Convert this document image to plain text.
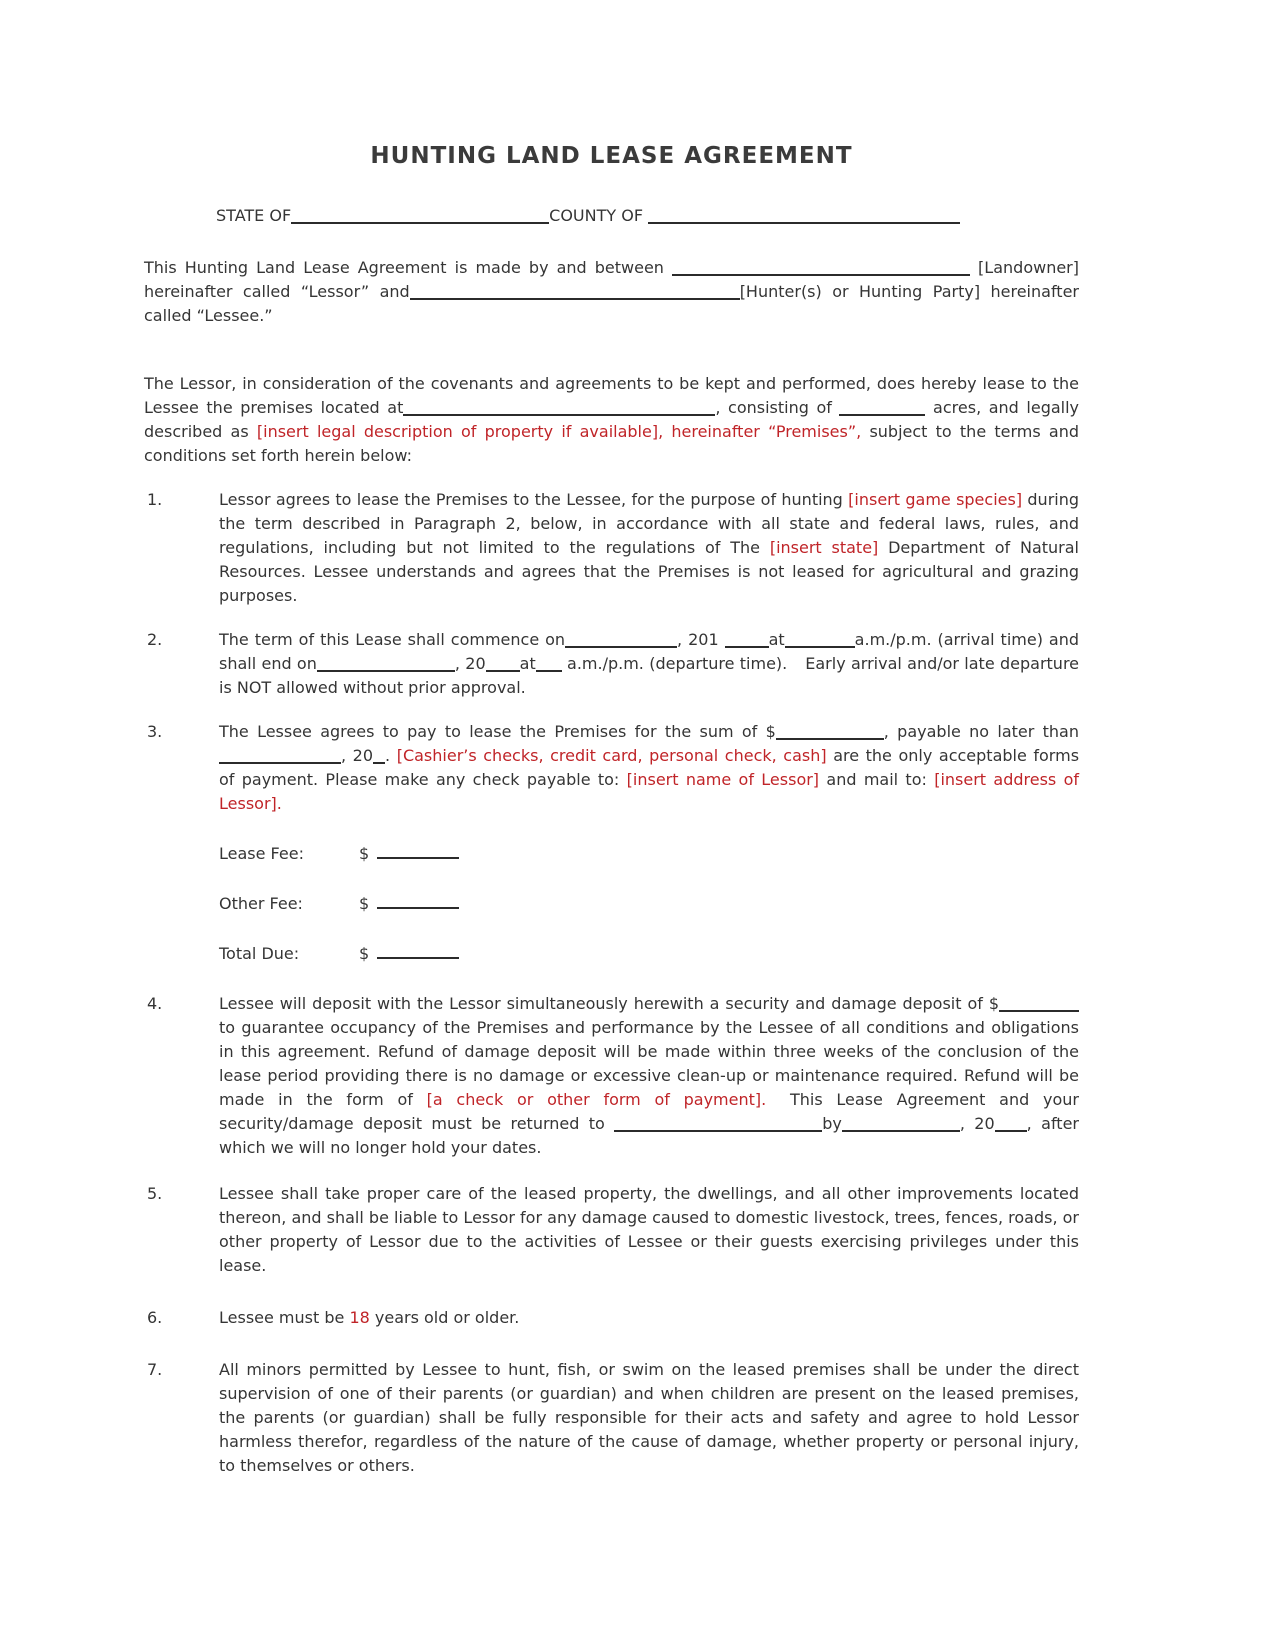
HUNTING LAND LEASE AGREEMENT

STATE OF	COUNTY OF

This Hunting Land Lease Agreement is made by and between	[Landowner] hereinafter called “Lessor” and	[Hunter(s) or Hunting Party] hereinafter called “Lessee.”

The Lessor, in consideration of the covenants and agreements to be kept and performed, does hereby lease to the Lessee the premises located at	, consisting of	acres, and legally described as [insert legal description of property if available], hereinafter “Premises”, subject to the terms and conditions set forth herein below:

1.	Lessor agrees to lease the Premises to the Lessee, for the purpose of hunting [insert game species] during the term described in Paragraph 2, below, in accordance with all state and federal laws, rules, and regulations, including but not limited to the regulations of The [insert state] Department of Natural Resources. Lessee understands and agrees that the Premises is not leased for agricultural and grazing purposes.
2.	The term of this Lease shall commence on	, 201	at	a.m./p.m. (arrival time) and shall end on	, 20 at a.m./p.m. (departure time). Early arrival and/or late departure is NOT allowed without prior approval.
3.	The Lessee agrees to pay to lease the Premises for the sum of $	, payable no later than, 20 . [Cashier’s checks, credit card, personal check, cash] are the only acceptable forms of payment. Please make any check payable to: [insert name of Lessor] and mail to: [insert address of Lessor].
Lease Fee:	$
Other Fee:	$
Total Due:	$
4.	Lessee will deposit with the Lessor simultaneously herewith a security and damage deposit of $to guarantee occupancy of the Premises and performance by the Lessee of all conditions and obligations in this agreement. Refund of damage deposit will be made within three weeks of the conclusion of the lease period providing there is no damage or excessive clean-up or maintenance required. Refund will be made in the form of [a check or other form of payment]. This Lease Agreement and your security/damage deposit must be returned to	by	, 20 , after which we will no longer hold your dates.
5.	Lessee shall take proper care of the leased property, the dwellings, and all other improvements located thereon, and shall be liable to Lessor for any damage caused to domestic livestock, trees, fences, roads, or other property of Lessor due to the activities of Lessee or their guests exercising privileges under this lease.
6.	Lessee must be 18 years old or older.
7.	All minors permitted by Lessee to hunt, fish, or swim on the leased premises shall be under the direct supervision of one of their parents (or guardian) and when children are present on the leased premises, the parents (or guardian) shall be fully responsible for their acts and safety and agree to hold Lessor harmless therefor, regardless of the nature of the cause of damage, whether property or personal injury, to themselves or others.
